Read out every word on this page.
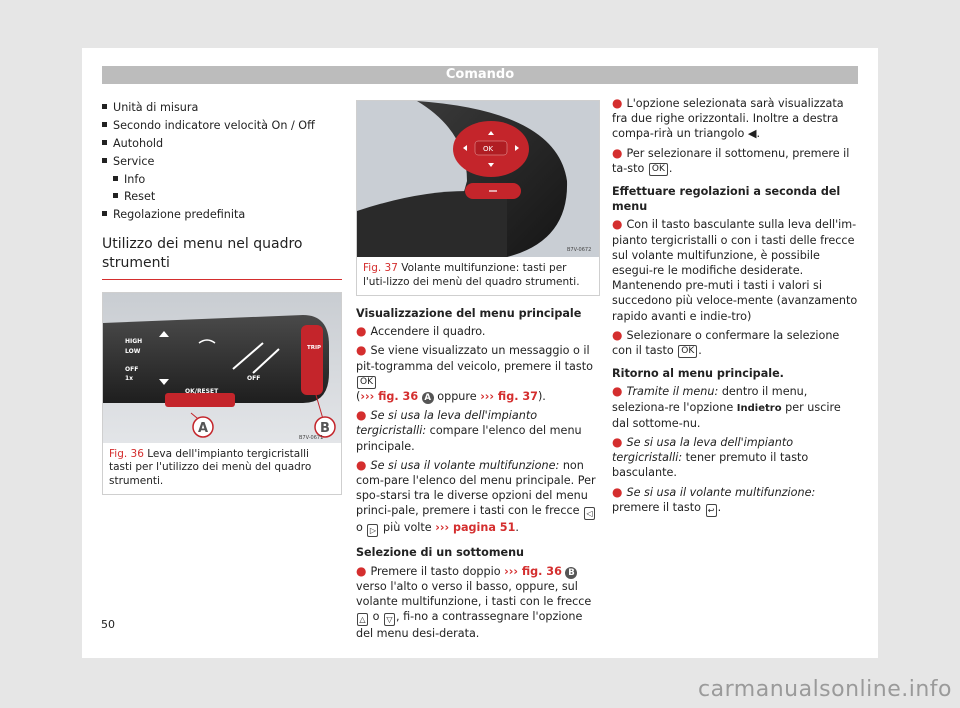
Comando
Unità di misura
Secondo indicatore velocità On / Off
Autohold
Service
Info
Reset
Regolazione predefinita
Utilizzo dei menu nel quadro strumenti
OK/RESET
HIGH
LOW
OFF
1x	OFF
TRIP
A	B
B7V-0671
Fig. 36 Leva dell'impianto tergicristalli tasti per l'utilizzo dei menù del quadro strumenti.
OK
B7V-0672
Fig. 37 Volante multifunzione: tasti per l'uti-lizzo dei menù del quadro strumenti.
Visualizzazione del menu principale
● Accendere il quadro.
● Se viene visualizzato un messaggio o il pit-togramma del veicolo, premere il tasto OK
(››› fig. 36 A oppure ››› fig. 37).
● Se si usa la leva dell'impianto tergicristalli: compare l'elenco del menu principale.
● Se si usa il volante multifunzione: non com-pare l'elenco del menu principale. Per spo-starsi tra le diverse opzioni del menu princi-pale, premere i tasti con le frecce ◁ o ▷ più volte ››› pagina 51.
Selezione di un sottomenu
● Premere il tasto doppio ››› fig. 36 B verso l'alto o verso il basso, oppure, sul volante multifunzione, i tasti con le frecce △ o ▽ , fi-no a contrassegnare l'opzione del menu desi-derata.
● L'opzione selezionata sarà visualizzata fra due righe orizzontali. Inoltre a destra compa-rirà un triangolo ◀.
● Per selezionare il sottomenu, premere il ta-sto OK .
Effettuare regolazioni a seconda del menu
● Con il tasto basculante sulla leva dell'im-pianto tergicristalli o con i tasti delle frecce sul volante multifunzione, è possibile esegui-re le modifiche desiderate. Mantenendo pre-muti i tasti i valori si succedono più veloce-mente (avanzamento rapido avanti e indie-tro)
● Selezionare o confermare la selezione con il tasto OK .
Ritorno al menu principale.
● Tramite il menu: dentro il menu, seleziona-re l'opzione Indietro per uscire dal sottome-nu.
● Se si usa la leva dell'impianto tergicristalli: tener premuto il tasto basculante.
● Se si usa il volante multifunzione: premere il tasto ↩ .
50
carmanualsonline.info
